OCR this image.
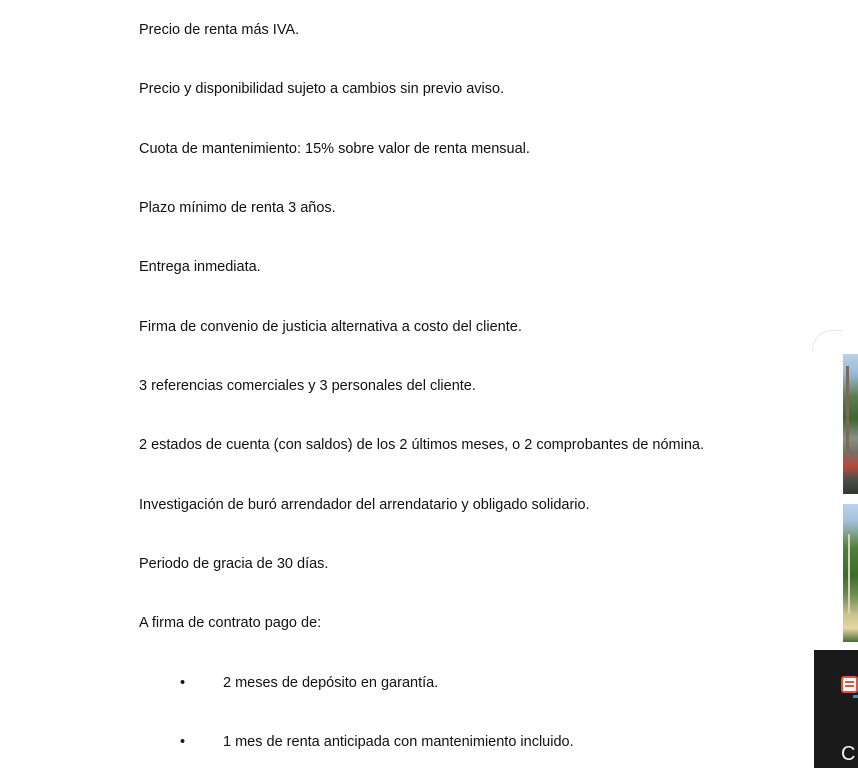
Precio de renta más IVA.

Precio y disponibilidad sujeto a cambios sin previo aviso.

Cuota de mantenimiento: 15% sobre valor de renta mensual.

Plazo mínimo de renta 3 años.

Entrega inmediata.

Firma de convenio de justicia alternativa a costo del cliente.

3 referencias comerciales y 3 personales del cliente.

2 estados de cuenta (con saldos) de los 2 últimos meses, o 2 comprobantes de nómina.

Investigación de buró arrendador del arrendatario y obligado solidario.

Periodo de gracia de 30 días.

A firma de contrato pago de:

•	2 meses de depósito en garantía.
•	1 mes de renta anticipada con mantenimiento incluido.
C
